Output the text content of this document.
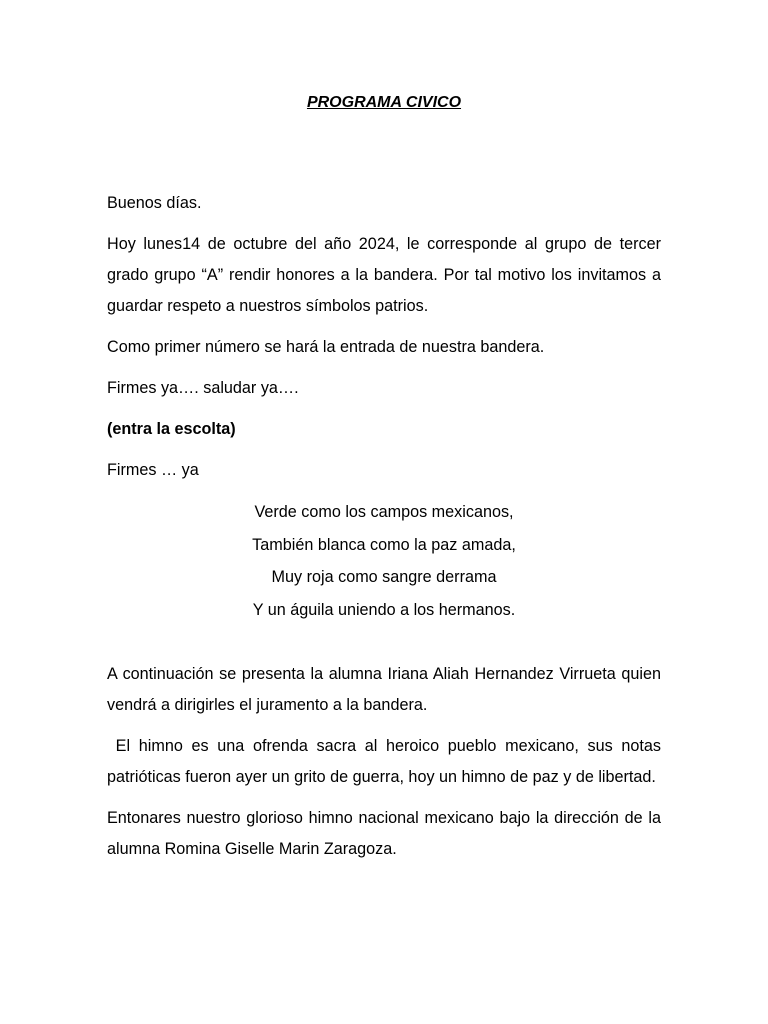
PROGRAMA CIVICO

Buenos días.

Hoy lunes14 de octubre del año 2024, le corresponde al grupo de tercer grado grupo “A” rendir honores a la bandera. Por tal motivo los invitamos a guardar respeto a nuestros símbolos patrios.

Como primer número se hará la entrada de nuestra bandera.

Firmes ya…. saludar ya….

(entra la escolta)

Firmes … ya

Verde como los campos mexicanos,
También blanca como la paz amada,
Muy roja como sangre derrama
Y un águila uniendo a los hermanos.

A continuación se presenta la alumna Iriana Aliah Hernandez Virrueta quien vendrá a dirigirles el juramento a la bandera.

El himno es una ofrenda sacra al heroico pueblo mexicano, sus notas patrióticas fueron ayer un grito de guerra, hoy un himno de paz y de libertad.

Entonares nuestro glorioso himno nacional mexicano bajo la dirección de la alumna Romina Giselle Marin Zaragoza.
